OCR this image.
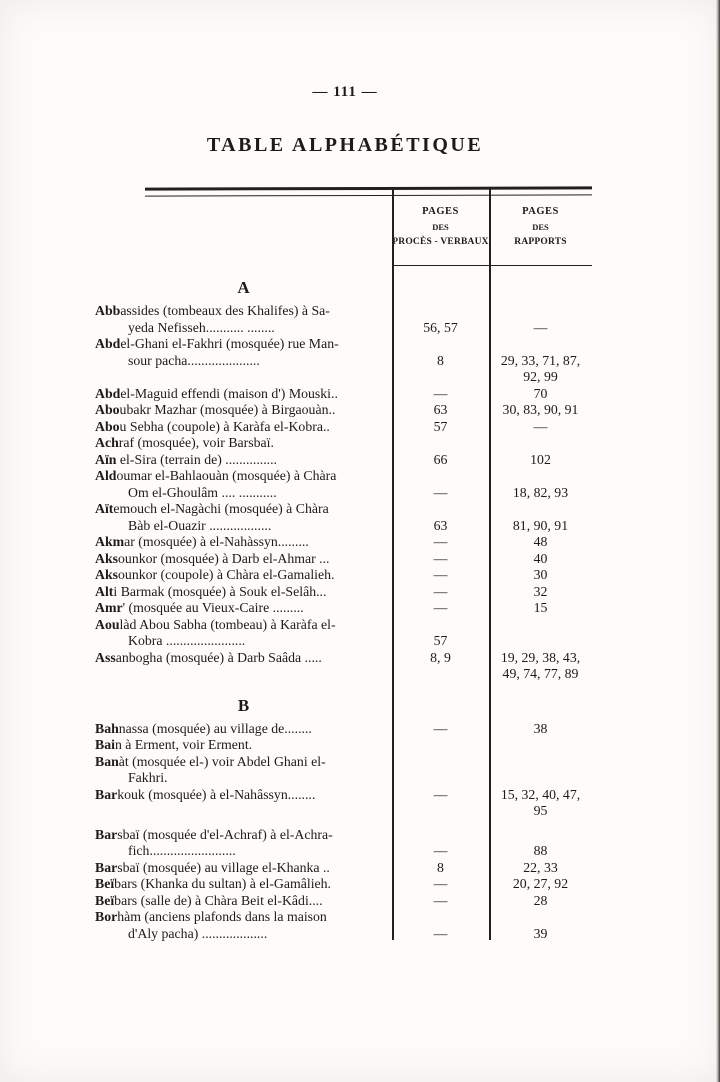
— 111 —
TABLE ALPHABÉTIQUE
PAGES
DES
PROCÈS - VERBAUX
PAGES
DES
RAPPORTS
A
Abbassides (tombeaux des Khalifes) à Sa-
yeda Nefisseh........... ........	56, 57	—
Abdel-Ghani el-Fakhri (mosquée) rue Man-
sour pacha.....................	8	29, 33, 71, 87,
92, 99
Abdel-Maguid effendi (maison d') Mouski..	—	70
Aboubakr Mazhar (mosquée) à Birgaouàn..	63	30, 83, 90, 91
Abou Sebha (coupole) à Karàfa el-Kobra..	57	—
Achraf (mosquée), voir Barsbaï.
Aïn el-Sira (terrain de) ...............	66	102
Aldoumar el-Bahlaouàn (mosquée) à Chàra
Om el-Ghoulâm .... ...........	—	18, 82, 93
Aïtemouch el-Nagàchi (mosquée) à Chàra
Bàb el-Ouazir ..................	63	81, 90, 91
Akmar (mosquée) à el-Nahàssyn.........	—	48
Aksounkor (mosquée) à Darb el-Ahmar ...	—	40
Aksounkor (coupole) à Chàra el-Gamalieh.	—	30
Alti Barmak (mosquée) à Souk el-Selâh...	—	32
Amr' (mosquée au Vieux-Caire .........	—	15
Aoulàd Abou Sabha (tombeau) à Karàfa el-
Kobra .......................	57
Assanbogha (mosquée) à Darb Saâda .....	8, 9	19, 29, 38, 43,
49, 74, 77, 89
B
Bahnassa (mosquée) au village de........	—	38
Bain à Erment, voir Erment.
Banàt (mosquée el-) voir Abdel Ghani el-
Fakhri.
Barkouk (mosquée) à el-Nahâssyn........	—	15, 32, 40, 47,
95
Barsbaï (mosquée d'el-Achraf) à el-Achra-
fich.........................	—	88
Barsbaï (mosquée) au village el-Khanka ..	8	22, 33
Beïbars (Khanka du sultan) à el-Gamâlieh.	—	20, 27, 92
Beïbars (salle de) à Chàra Beit el-Kâdi....	—	28
Borhàm (anciens plafonds dans la maison
d'Aly pacha) ...................	—	39
